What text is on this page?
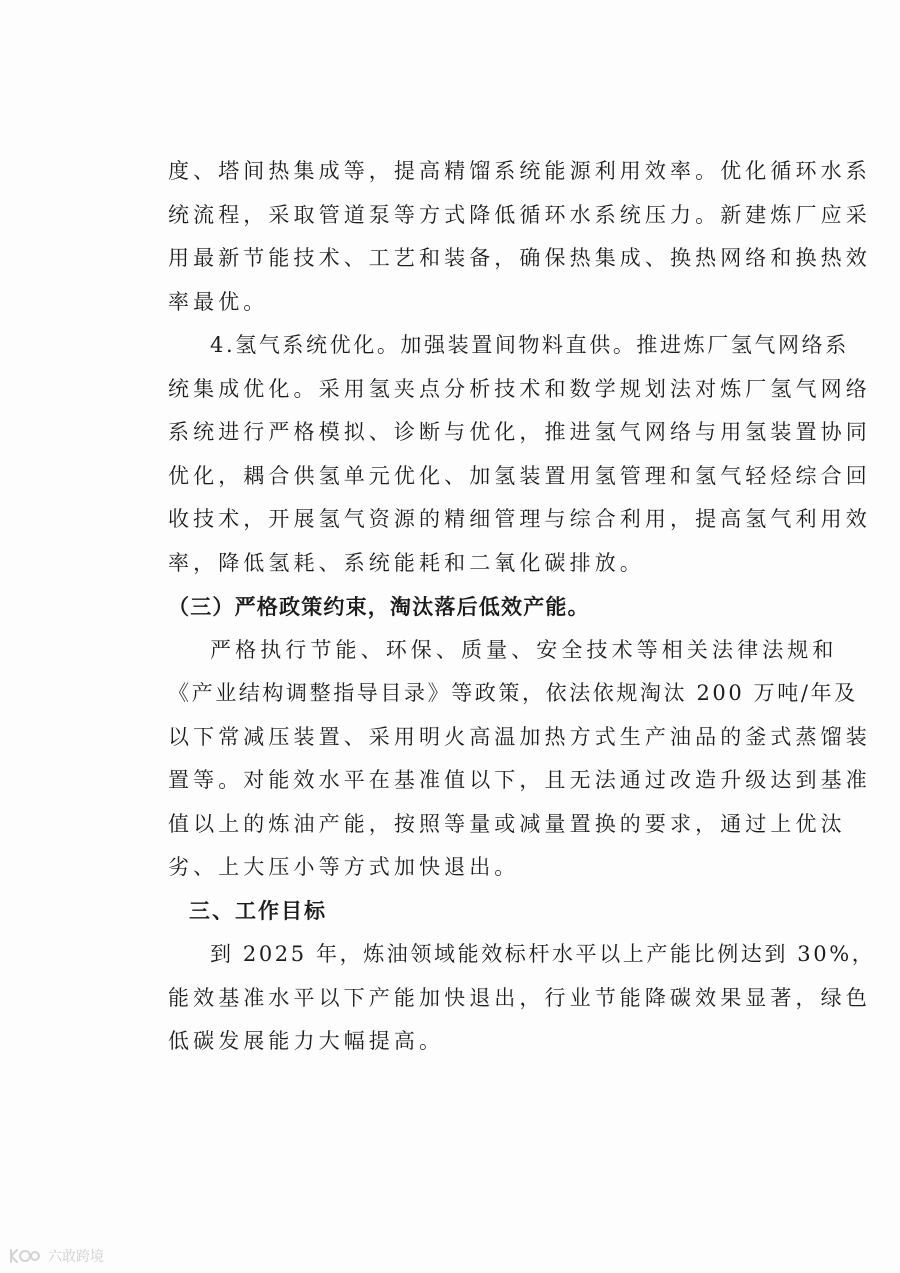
度、塔间热集成等，提高精馏系统能源利用效率。优化循环水系
统流程，采取管道泵等方式降低循环水系统压力。新建炼厂应采
用最新节能技术、工艺和装备，确保热集成、换热网络和换热效
率最优。
4.氢气系统优化。加强装置间物料直供。推进炼厂氢气网络系
统集成优化。采用氢夹点分析技术和数学规划法对炼厂氢气网络
系统进行严格模拟、诊断与优化，推进氢气网络与用氢装置协同
优化，耦合供氢单元优化、加氢装置用氢管理和氢气轻烃综合回
收技术，开展氢气资源的精细管理与综合利用，提高氢气利用效
率，降低氢耗、系统能耗和二氧化碳排放。
（三）严格政策约束，淘汰落后低效产能。
严格执行节能、环保、质量、安全技术等相关法律法规和
《产业结构调整指导目录》等政策，依法依规淘汰 200 万吨/年及
以下常减压装置、采用明火高温加热方式生产油品的釜式蒸馏装
置等。对能效水平在基准值以下，且无法通过改造升级达到基准
值以上的炼油产能，按照等量或减量置换的要求，通过上优汰
劣、上大压小等方式加快退出。
三、工作目标
到 2025 年，炼油领域能效标杆水平以上产能比例达到 30%，
能效基准水平以下产能加快退出，行业节能降碳效果显著，绿色
低碳发展能力大幅提高。
六敢跨境
